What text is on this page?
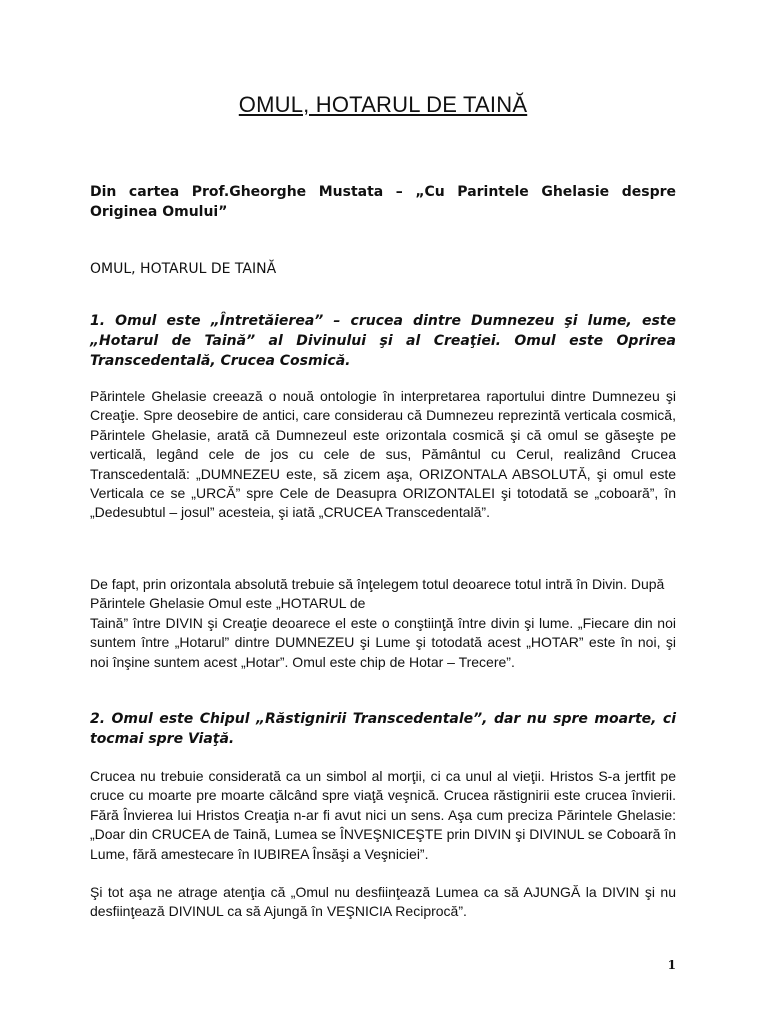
OMUL, HOTARUL DE TAINĂ
Din cartea Prof.Gheorghe Mustata – „Cu Parintele Ghelasie despre Originea Omului”
OMUL, HOTARUL DE TAINĂ
1. Omul este „Întretăierea” – crucea dintre Dumnezeu şi lume, este „Hotarul de Taină” al Divinului şi al Creaţiei. Omul este Oprirea Transcedentală, Crucea Cosmică.

Părintele Ghelasie creează o nouă ontologie în interpretarea raportului dintre Dumnezeu şi Creaţie. Spre deosebire de antici, care considerau că Dumnezeu reprezintă verticala cosmică, Părintele Ghelasie, arată că Dumnezeul este orizontala cosmică şi că omul se găseşte pe verticală, legând cele de jos cu cele de sus, Pământul cu Cerul, realizând Crucea Transcedentală: „DUMNEZEU este, să zicem aşa, ORIZONTALA ABSOLUTĂ, şi omul este Verticala ce se „URCĂ” spre Cele de Deasupra ORIZONTALEI şi totodată se „coboară”, în „Dedesubtul – josul” acesteia, şi iată „CRUCEA Transcedentală”.

De fapt, prin orizontala absolută trebuie să înţelegem totul deoarece totul intră în Divin. După Părintele Ghelasie Omul este „HOTARUL de

Taină” între DIVIN şi Creaţie deoarece el este o conştiinţă între divin şi lume. „Fiecare din noi suntem între „Hotarul” dintre DUMNEZEU şi Lume şi totodată acest „HOTAR” este în noi, şi noi înşine suntem acest „Hotar”. Omul este chip de Hotar – Trecere”.

2. Omul este Chipul „Răstignirii Transcedentale”, dar nu spre moarte, ci tocmai spre Viaţă.

Crucea nu trebuie considerată ca un simbol al morţii, ci ca unul al vieţii. Hristos S-a jertfit pe cruce cu moarte pre moarte călcând spre viaţă veşnică. Crucea răstignirii este crucea învierii. Fără Învierea lui Hristos Creaţia n-ar fi avut nici un sens. Aşa cum preciza Părintele Ghelasie: „Doar din CRUCEA de Taină, Lumea se ÎNVEŞNICEŞTE prin DIVIN şi DIVINUL se Coboară în Lume, fără amestecare în IUBIREA Însăşi a Veşniciei”.

Şi tot aşa ne atrage atenţia că „Omul nu desfiinţează Lumea ca să AJUNGĂ la DIVIN şi nu desfiinţează DIVINUL ca să Ajungă în VEŞNICIA Reciprocă”.

1
